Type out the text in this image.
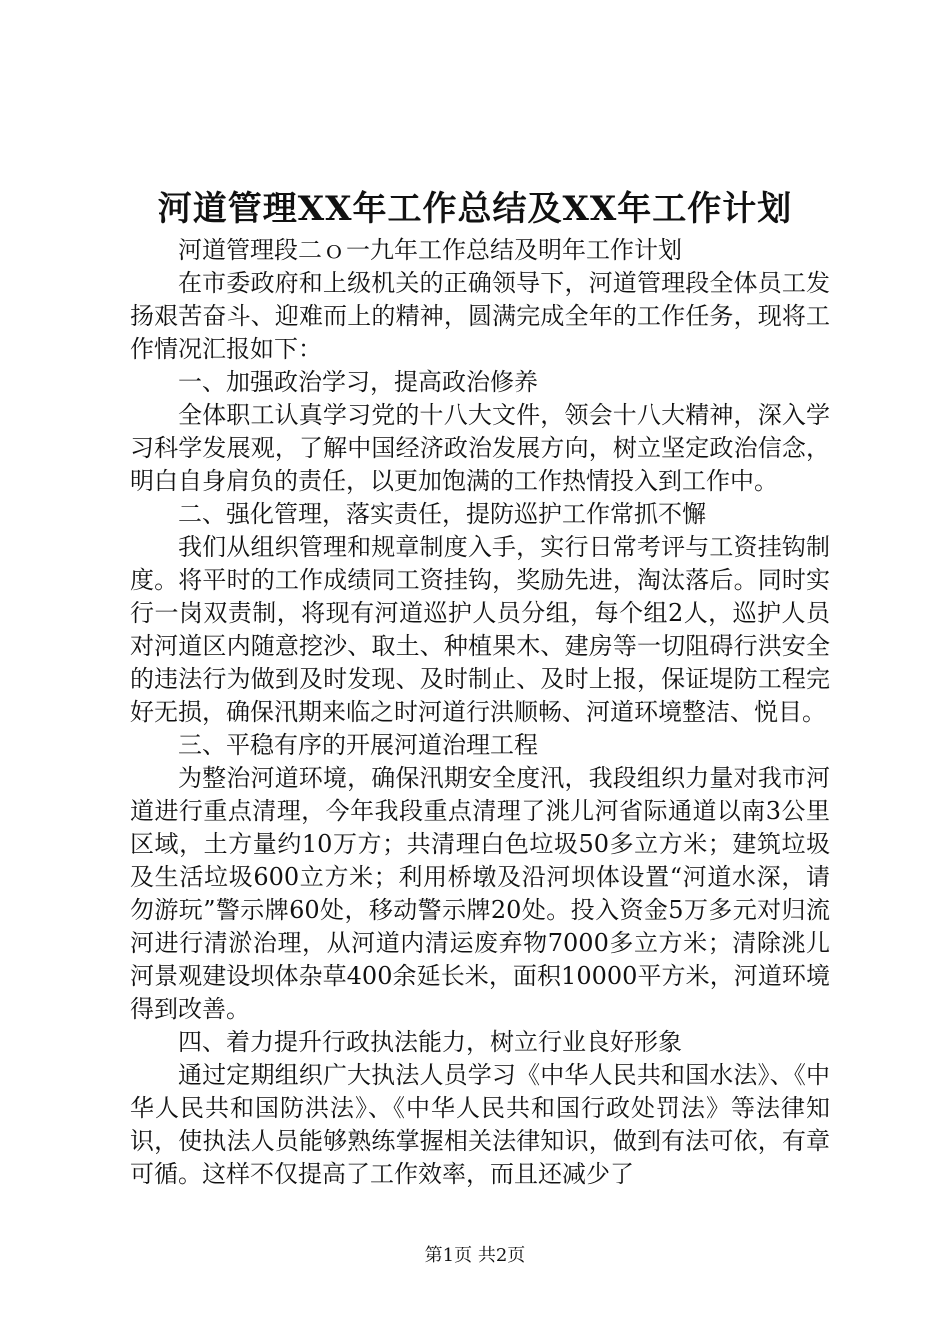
河道管理XX年工作总结及XX年工作计划

河道管理段二ｏ一九年工作总结及明年工作计划

在市委政府和上级机关的正确领导下，河道管理段全体员工发扬艰苦奋斗、迎难而上的精神，圆满完成全年的工作任务，现将工作情况汇报如下：

一、加强政治学习，提高政治修养

全体职工认真学习党的十八大文件，领会十八大精神，深入学习科学发展观，了解中国经济政治发展方向，树立坚定政治信念，明白自身肩负的责任，以更加饱满的工作热情投入到工作中。

二、强化管理，落实责任，提防巡护工作常抓不懈

我们从组织管理和规章制度入手，实行日常考评与工资挂钩制度。将平时的工作成绩同工资挂钩，奖励先进，淘汰落后。同时实行一岗双责制，将现有河道巡护人员分组，每个组2人，巡护人员对河道区内随意挖沙、取土、种植果木、建房等一切阻碍行洪安全的违法行为做到及时发现、及时制止、及时上报，保证堤防工程完好无损，确保汛期来临之时河道行洪顺畅、河道环境整洁、悦目。

三、平稳有序的开展河道治理工程

为整治河道环境，确保汛期安全度汛，我段组织力量对我市河道进行重点清理，今年我段重点清理了洮儿河省际通道以南3公里区域，土方量约10万方；共清理白色垃圾50多立方米；建筑垃圾及生活垃圾600立方米；利用桥墩及沿河坝体设置“河道水深，请勿游玩”警示牌60处，移动警示牌20处。投入资金5万多元对归流河进行清淤治理，从河道内清运废弃物7000多立方米；清除洮儿河景观建设坝体杂草400余延长米，面积10000平方米，河道环境得到改善。

四、着力提升行政执法能力，树立行业良好形象

通过定期组织广大执法人员学习《中华人民共和国水法》、《中华人民共和国防洪法》、《中华人民共和国行政处罚法》等法律知识，使执法人员能够熟练掌握相关法律知识，做到有法可依，有章可循。这样不仅提高了工作效率，而且还减少了

第1页 共2页
